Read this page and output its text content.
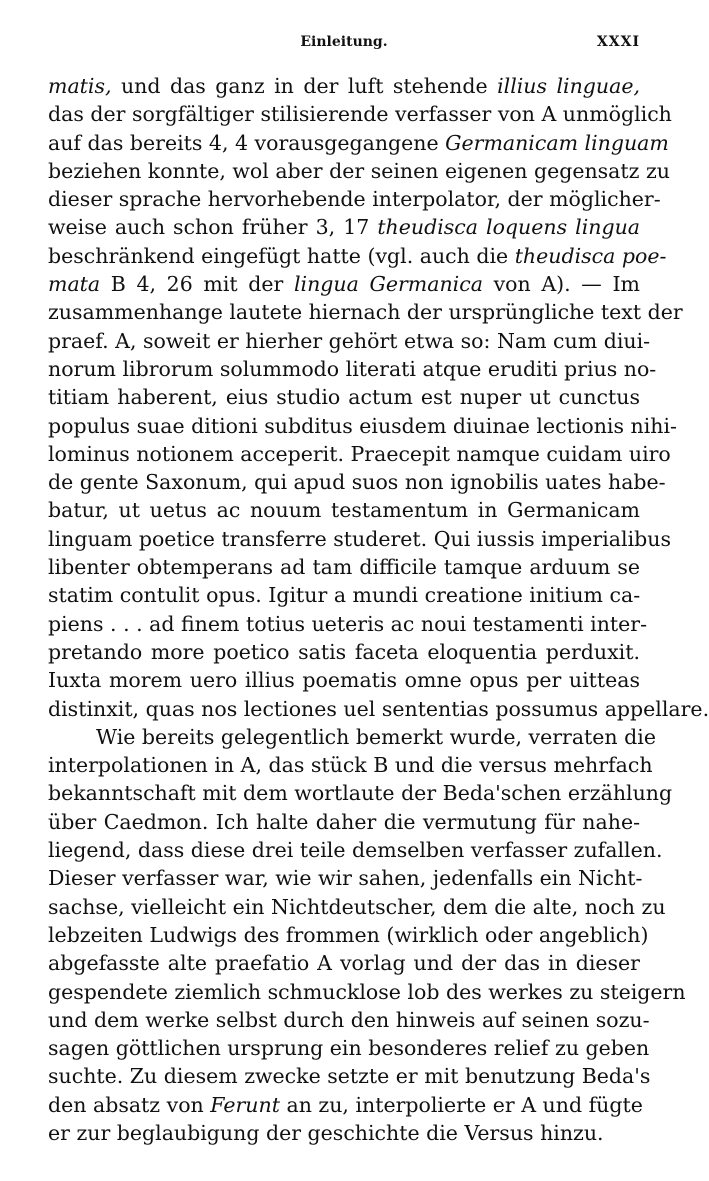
Einleitung.	XXXI
matis, und das ganz in der luft stehende illius linguae,
das der sorgfältiger stilisierende verfasser von A unmöglich
auf das bereits 4, 4 vorausgegangene Germanicam linguam
beziehen konnte, wol aber der seinen eigenen gegensatz zu
dieser sprache hervorhebende interpolator, der möglicher-
weise auch schon früher 3, 17 theudisca loquens lingua
beschränkend eingefügt hatte (vgl. auch die theudisca poe-
mata B 4, 26 mit der lingua Germanica von A). — Im
zusammenhange lautete hiernach der ursprüngliche text der
praef. A, soweit er hierher gehört etwa so: Nam cum diui-
norum librorum solummodo literati atque eruditi prius no-
titiam haberent, eius studio actum est nuper ut cunctus
populus suae ditioni subditus eiusdem diuinae lectionis nihi-
lominus notionem acceperit. Praecepit namque cuidam uiro
de gente Saxonum, qui apud suos non ignobilis uates habe-
batur, ut uetus ac nouum testamentum in Germanicam
linguam poetice transferre studeret. Qui iussis imperialibus
libenter obtemperans ad tam difficile tamque arduum se
statim contulit opus. Igitur a mundi creatione initium ca-
piens . . . ad finem totius ueteris ac noui testamenti inter-
pretando more poetico satis faceta eloquentia perduxit.
Iuxta morem uero illius poematis omne opus per uitteas
distinxit, quas nos lectiones uel sententias possumus appellare.
Wie bereits gelegentlich bemerkt wurde, verraten die
interpolationen in A, das stück B und die versus mehrfach
bekanntschaft mit dem wortlaute der Beda'schen erzählung
über Caedmon. Ich halte daher die vermutung für nahe-
liegend, dass diese drei teile demselben verfasser zufallen.
Dieser verfasser war, wie wir sahen, jedenfalls ein Nicht-
sachse, vielleicht ein Nichtdeutscher, dem die alte, noch zu
lebzeiten Ludwigs des frommen (wirklich oder angeblich)
abgefasste alte praefatio A vorlag und der das in dieser
gespendete ziemlich schmucklose lob des werkes zu steigern
und dem werke selbst durch den hinweis auf seinen sozu-
sagen göttlichen ursprung ein besonderes relief zu geben
suchte. Zu diesem zwecke setzte er mit benutzung Beda's
den absatz von Ferunt an zu, interpolierte er A und fügte
er zur beglaubigung der geschichte die Versus hinzu.
